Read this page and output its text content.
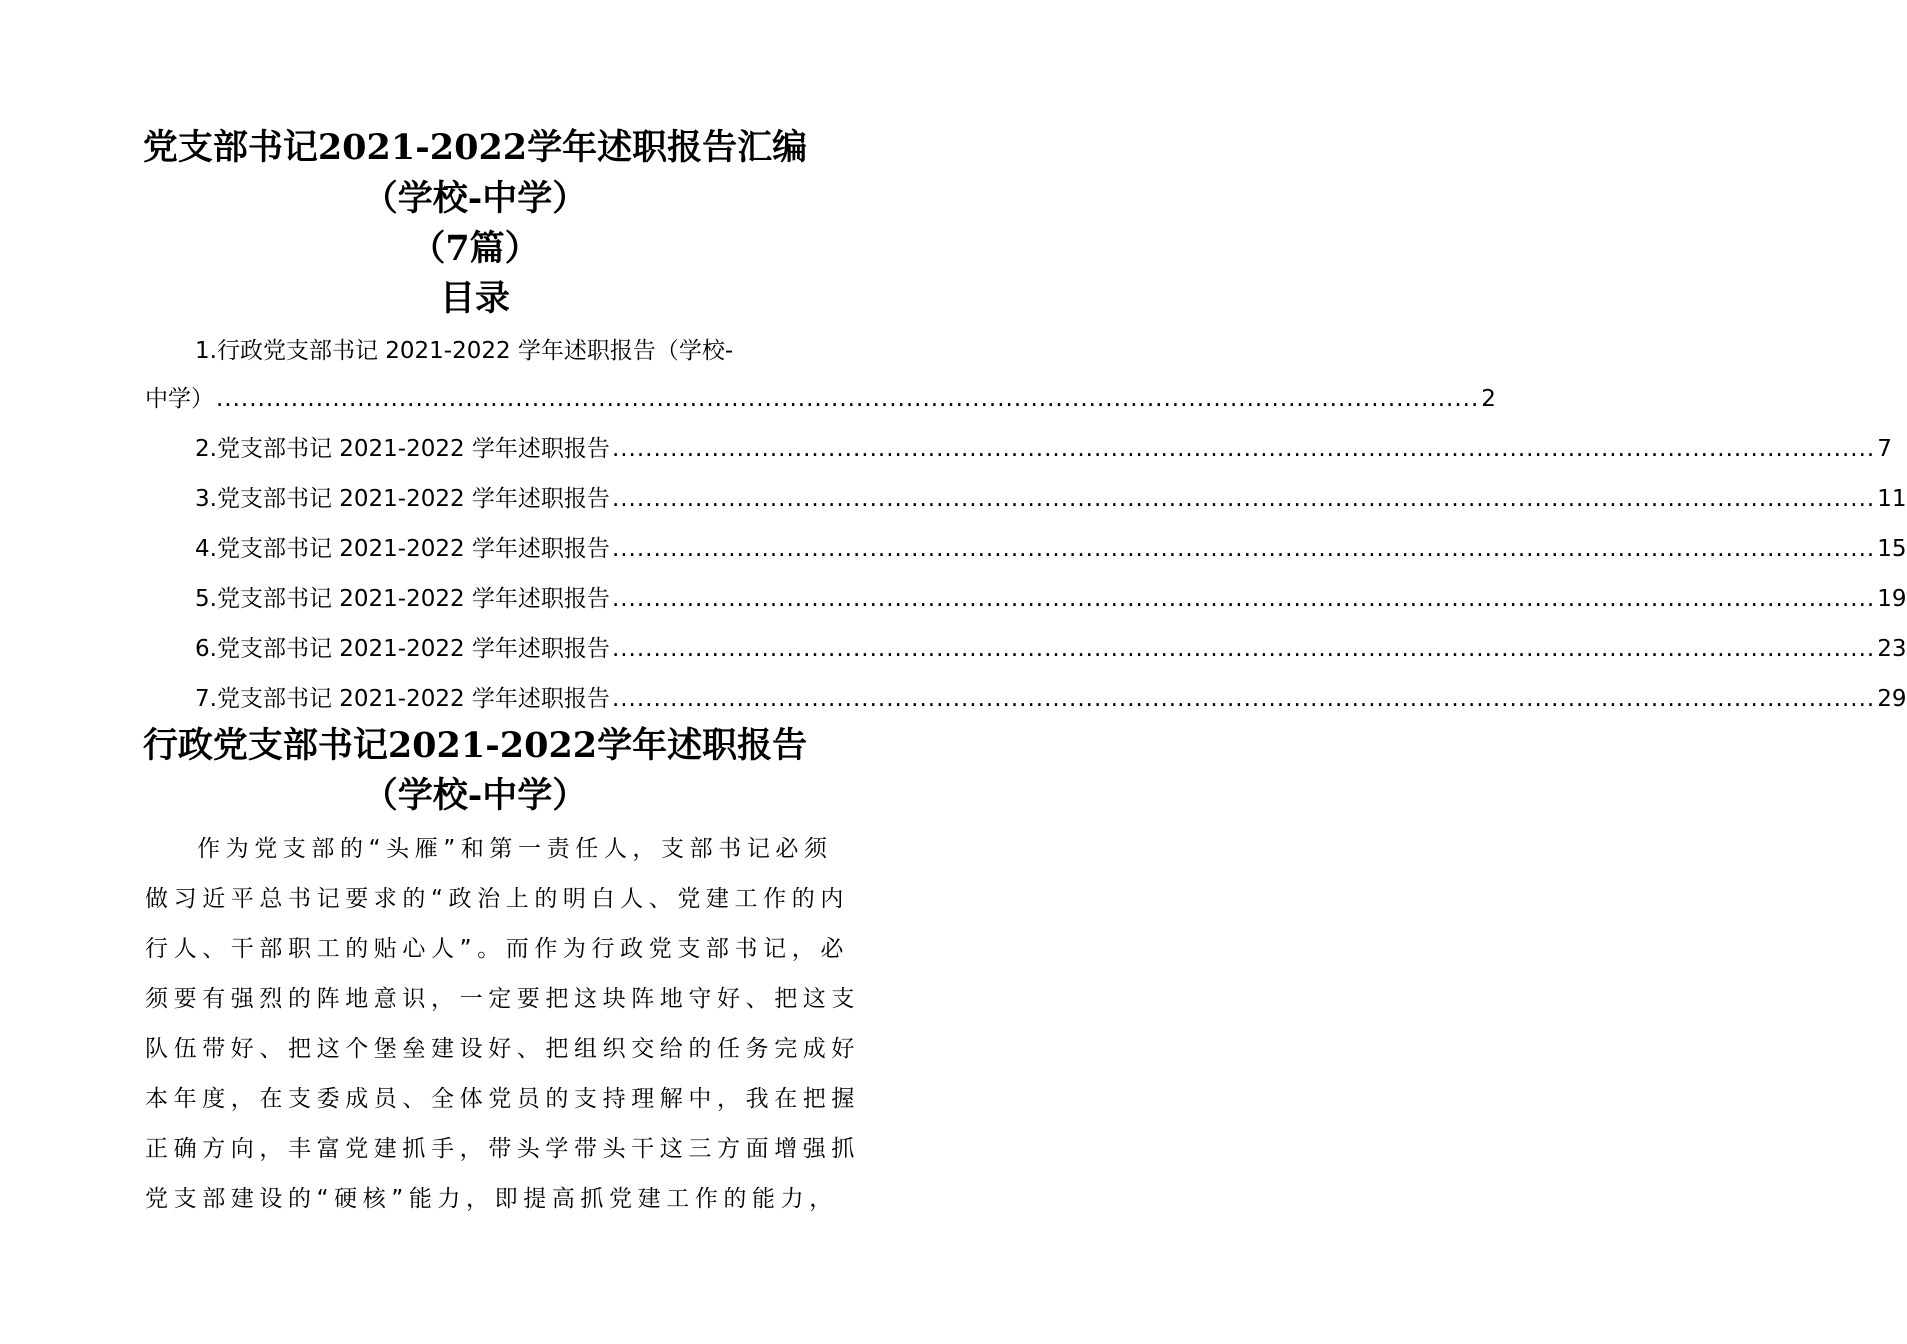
党支部书记2021-2022学年述职报告汇编
（学校-中学）
（7篇）
目录
1.行政党支部书记 2021-2022 学年述职报告（学校-
中学） ........................................................................................................................................................ 2
2.党支部书记 2021-2022 学年述职报告 ........................................................................................................................................................ 7
3.党支部书记 2021-2022 学年述职报告 ........................................................................................................................................................ 11
4.党支部书记 2021-2022 学年述职报告 ........................................................................................................................................................ 15
5.党支部书记 2021-2022 学年述职报告 ........................................................................................................................................................ 19
6.党支部书记 2021-2022 学年述职报告 ........................................................................................................................................................ 23
7.党支部书记 2021-2022 学年述职报告 ........................................................................................................................................................ 29
行政党支部书记2021-2022学年述职报告
（学校-中学）
作为党支部的“头雁”和第一责任人，支部书记必须
做习近平总书记要求的“政治上的明白人、党建工作的内
行人、干部职工的贴心人”。而作为行政党支部书记，必
须要有强烈的阵地意识，一定要把这块阵地守好、把这支
队伍带好、把这个堡垒建设好、把组织交给的任务完成好
本年度，在支委成员、全体党员的支持理解中，我在把握
正确方向，丰富党建抓手，带头学带头干这三方面增强抓
党支部建设的“硬核”能力，即提高抓党建工作的能力，
